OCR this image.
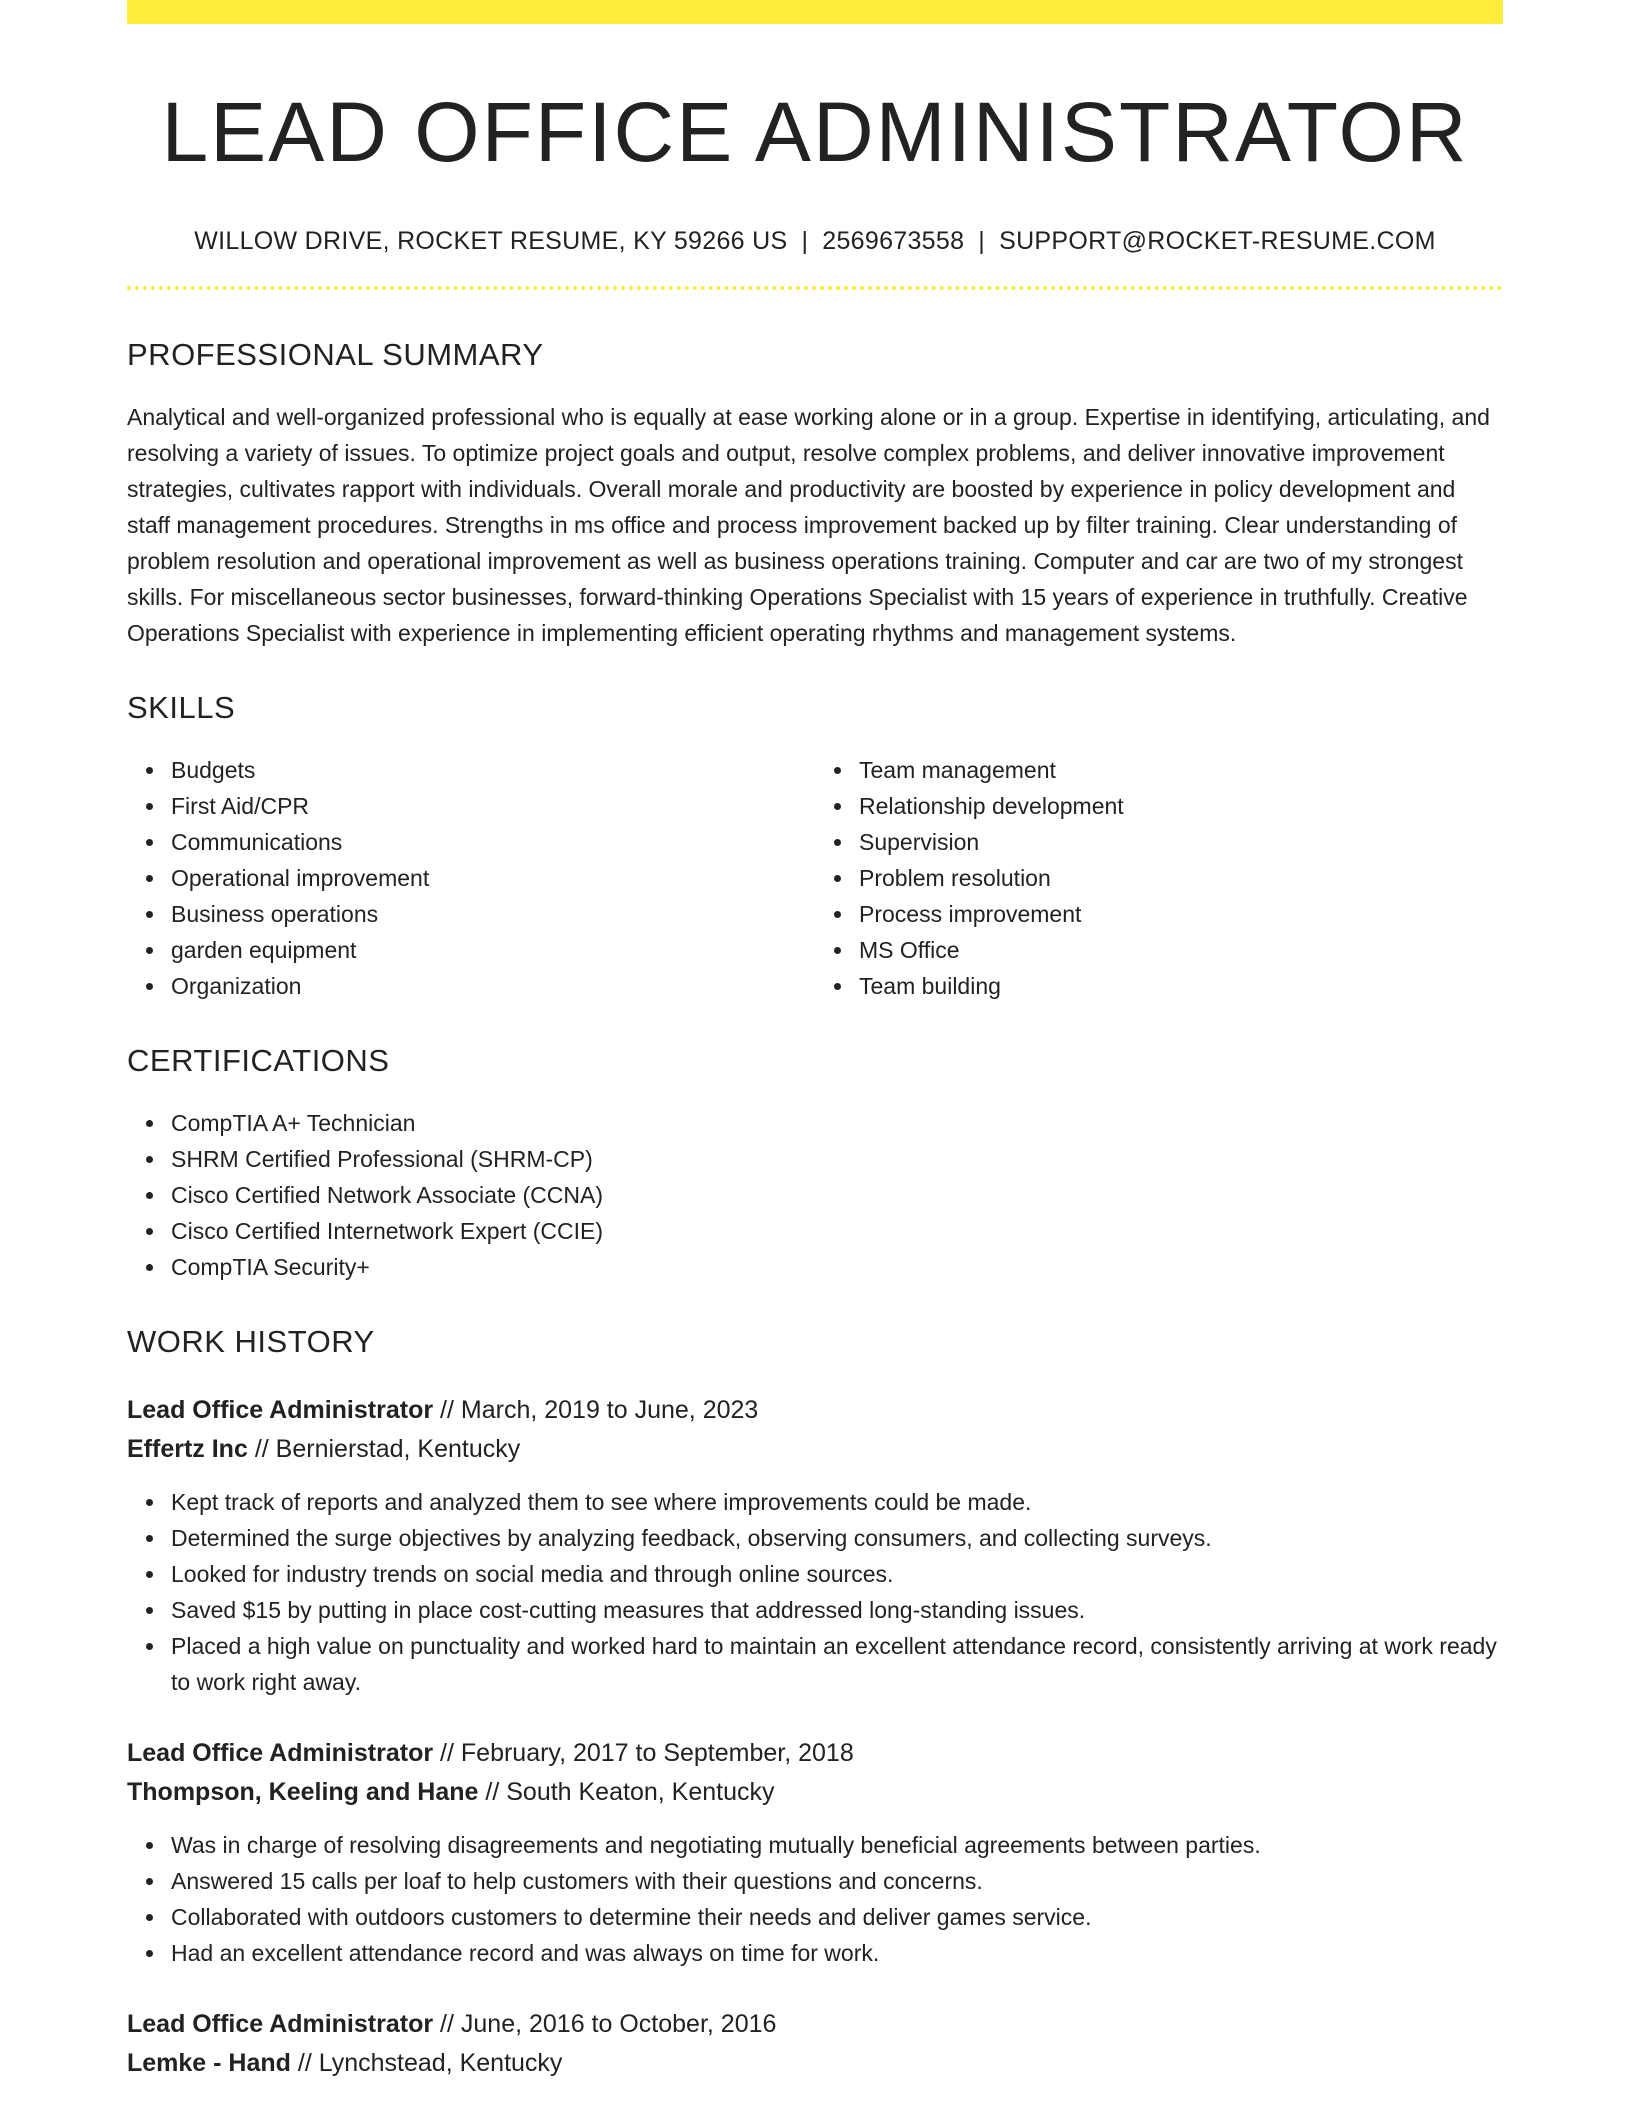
LEAD OFFICE ADMINISTRATOR
WILLOW DRIVE, ROCKET RESUME, KY 59266 US | 2569673558 | SUPPORT@ROCKET-RESUME.COM
PROFESSIONAL SUMMARY

Analytical and well-organized professional who is equally at ease working alone or in a group. Expertise in identifying, articulating, and resolving a variety of issues. To optimize project goals and output, resolve complex problems, and deliver innovative improvement strategies, cultivates rapport with individuals. Overall morale and productivity are boosted by experience in policy development and staff management procedures. Strengths in ms office and process improvement backed up by filter training. Clear understanding of problem resolution and operational improvement as well as business operations training. Computer and car are two of my strongest skills. For miscellaneous sector businesses, forward-thinking Operations Specialist with 15 years of experience in truthfully. Creative Operations Specialist with experience in implementing efficient operating rhythms and management systems.

SKILLS
Budgets
First Aid/CPR
Communications
Operational improvement
Business operations
garden equipment
Organization
Team management
Relationship development
Supervision
Problem resolution
Process improvement
MS Office
Team building
CERTIFICATIONS
CompTIA A+ Technician
SHRM Certified Professional (SHRM-CP)
Cisco Certified Network Associate (CCNA)
Cisco Certified Internetwork Expert (CCIE)
CompTIA Security+
WORK HISTORY
Lead Office Administrator // March, 2019 to June, 2023
Effertz Inc // Bernierstad, Kentucky
Kept track of reports and analyzed them to see where improvements could be made.
Determined the surge objectives by analyzing feedback, observing consumers, and collecting surveys.
Looked for industry trends on social media and through online sources.
Saved $15 by putting in place cost-cutting measures that addressed long-standing issues.
Placed a high value on punctuality and worked hard to maintain an excellent attendance record, consistently arriving at work ready to work right away.
Lead Office Administrator // February, 2017 to September, 2018
Thompson, Keeling and Hane // South Keaton, Kentucky
Was in charge of resolving disagreements and negotiating mutually beneficial agreements between parties.
Answered 15 calls per loaf to help customers with their questions and concerns.
Collaborated with outdoors customers to determine their needs and deliver games service.
Had an excellent attendance record and was always on time for work.
Lead Office Administrator // June, 2016 to October, 2016
Lemke - Hand // Lynchstead, Kentucky
